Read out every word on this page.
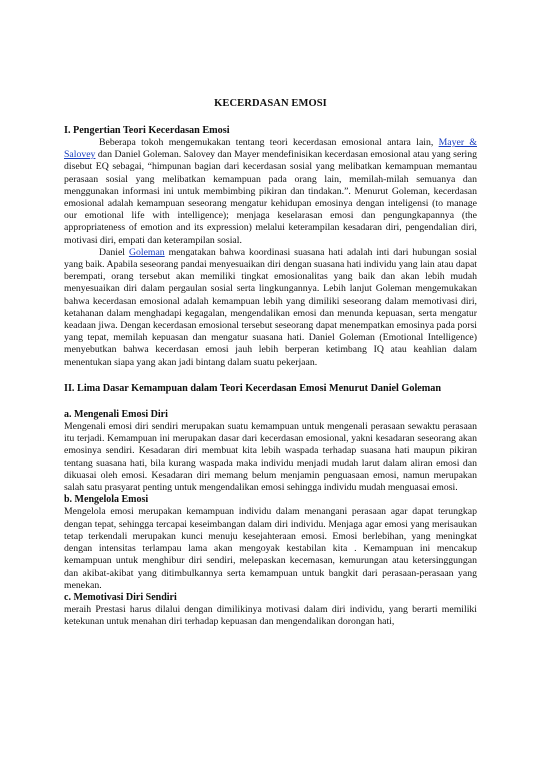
KECERDASAN EMOSI
I. Pengertian Teori Kecerdasan Emosi

Beberapa tokoh mengemukakan tentang teori kecerdasan emosional antara lain, Mayer & Salovey dan Daniel Goleman. Salovey dan Mayer mendefinisikan kecerdasan emosional atau yang sering disebut EQ sebagai, “himpunan bagian dari kecerdasan sosial yang melibatkan kemampuan memantau perasaan sosial yang melibatkan kemampuan pada orang lain, memilah-milah semuanya dan menggunakan informasi ini untuk membimbing pikiran dan tindakan.”. Menurut Goleman, kecerdasan emosional adalah kemampuan seseorang mengatur kehidupan emosinya dengan inteligensi (to manage our emotional life with intelligence); menjaga keselarasan emosi dan pengungkapannya (the appropriateness of emotion and its expression) melalui keterampilan kesadaran diri, pengendalian diri, motivasi diri, empati dan keterampilan sosial.

Daniel Goleman mengatakan bahwa koordinasi suasana hati adalah inti dari hubungan sosial yang baik. Apabila seseorang pandai menyesuaikan diri dengan suasana hati individu yang lain atau dapat berempati, orang tersebut akan memiliki tingkat emosionalitas yang baik dan akan lebih mudah menyesuaikan diri dalam pergaulan sosial serta lingkungannya. Lebih lanjut Goleman mengemukakan bahwa kecerdasan emosional adalah kemampuan lebih yang dimiliki seseorang dalam memotivasi diri, ketahanan dalam menghadapi kegagalan, mengendalikan emosi dan menunda kepuasan, serta mengatur keadaan jiwa. Dengan kecerdasan emosional tersebut seseorang dapat menempatkan emosinya pada porsi yang tepat, memilah kepuasan dan mengatur suasana hati. Daniel Goleman (Emotional Intelligence) menyebutkan bahwa kecerdasan emosi jauh lebih berperan ketimbang IQ atau keahlian dalam menentukan siapa yang akan jadi bintang dalam suatu pekerjaan.

II. Lima Dasar Kemampuan dalam Teori Kecerdasan Emosi Menurut Daniel Goleman
a. Mengenali Emosi Diri

Mengenali emosi diri sendiri merupakan suatu kemampuan untuk mengenali perasaan sewaktu perasaan itu terjadi. Kemampuan ini merupakan dasar dari kecerdasan emosional, yakni kesadaran seseorang akan emosinya sendiri. Kesadaran diri membuat kita lebih waspada terhadap suasana hati maupun pikiran tentang suasana hati, bila kurang waspada maka individu menjadi mudah larut dalam aliran emosi dan dikuasai oleh emosi. Kesadaran diri memang belum menjamin penguasaan emosi, namun merupakan salah satu prasyarat penting untuk mengendalikan emosi sehingga individu mudah menguasai emosi.

b. Mengelola Emosi

Mengelola emosi merupakan kemampuan individu dalam menangani perasaan agar dapat terungkap dengan tepat, sehingga tercapai keseimbangan dalam diri individu. Menjaga agar emosi yang merisaukan tetap terkendali merupakan kunci menuju kesejahteraan emosi. Emosi berlebihan, yang meningkat dengan intensitas terlampau lama akan mengoyak kestabilan kita . Kemampuan ini mencakup kemampuan untuk menghibur diri sendiri, melepaskan kecemasan, kemurungan atau ketersinggungan dan akibat-akibat yang ditimbulkannya serta kemampuan untuk bangkit dari perasaan-perasaan yang menekan.

c. Memotivasi Diri Sendiri

meraih Prestasi harus dilalui dengan dimilikinya motivasi dalam diri individu, yang berarti memiliki ketekunan untuk menahan diri terhadap kepuasan dan mengendalikan dorongan hati,
